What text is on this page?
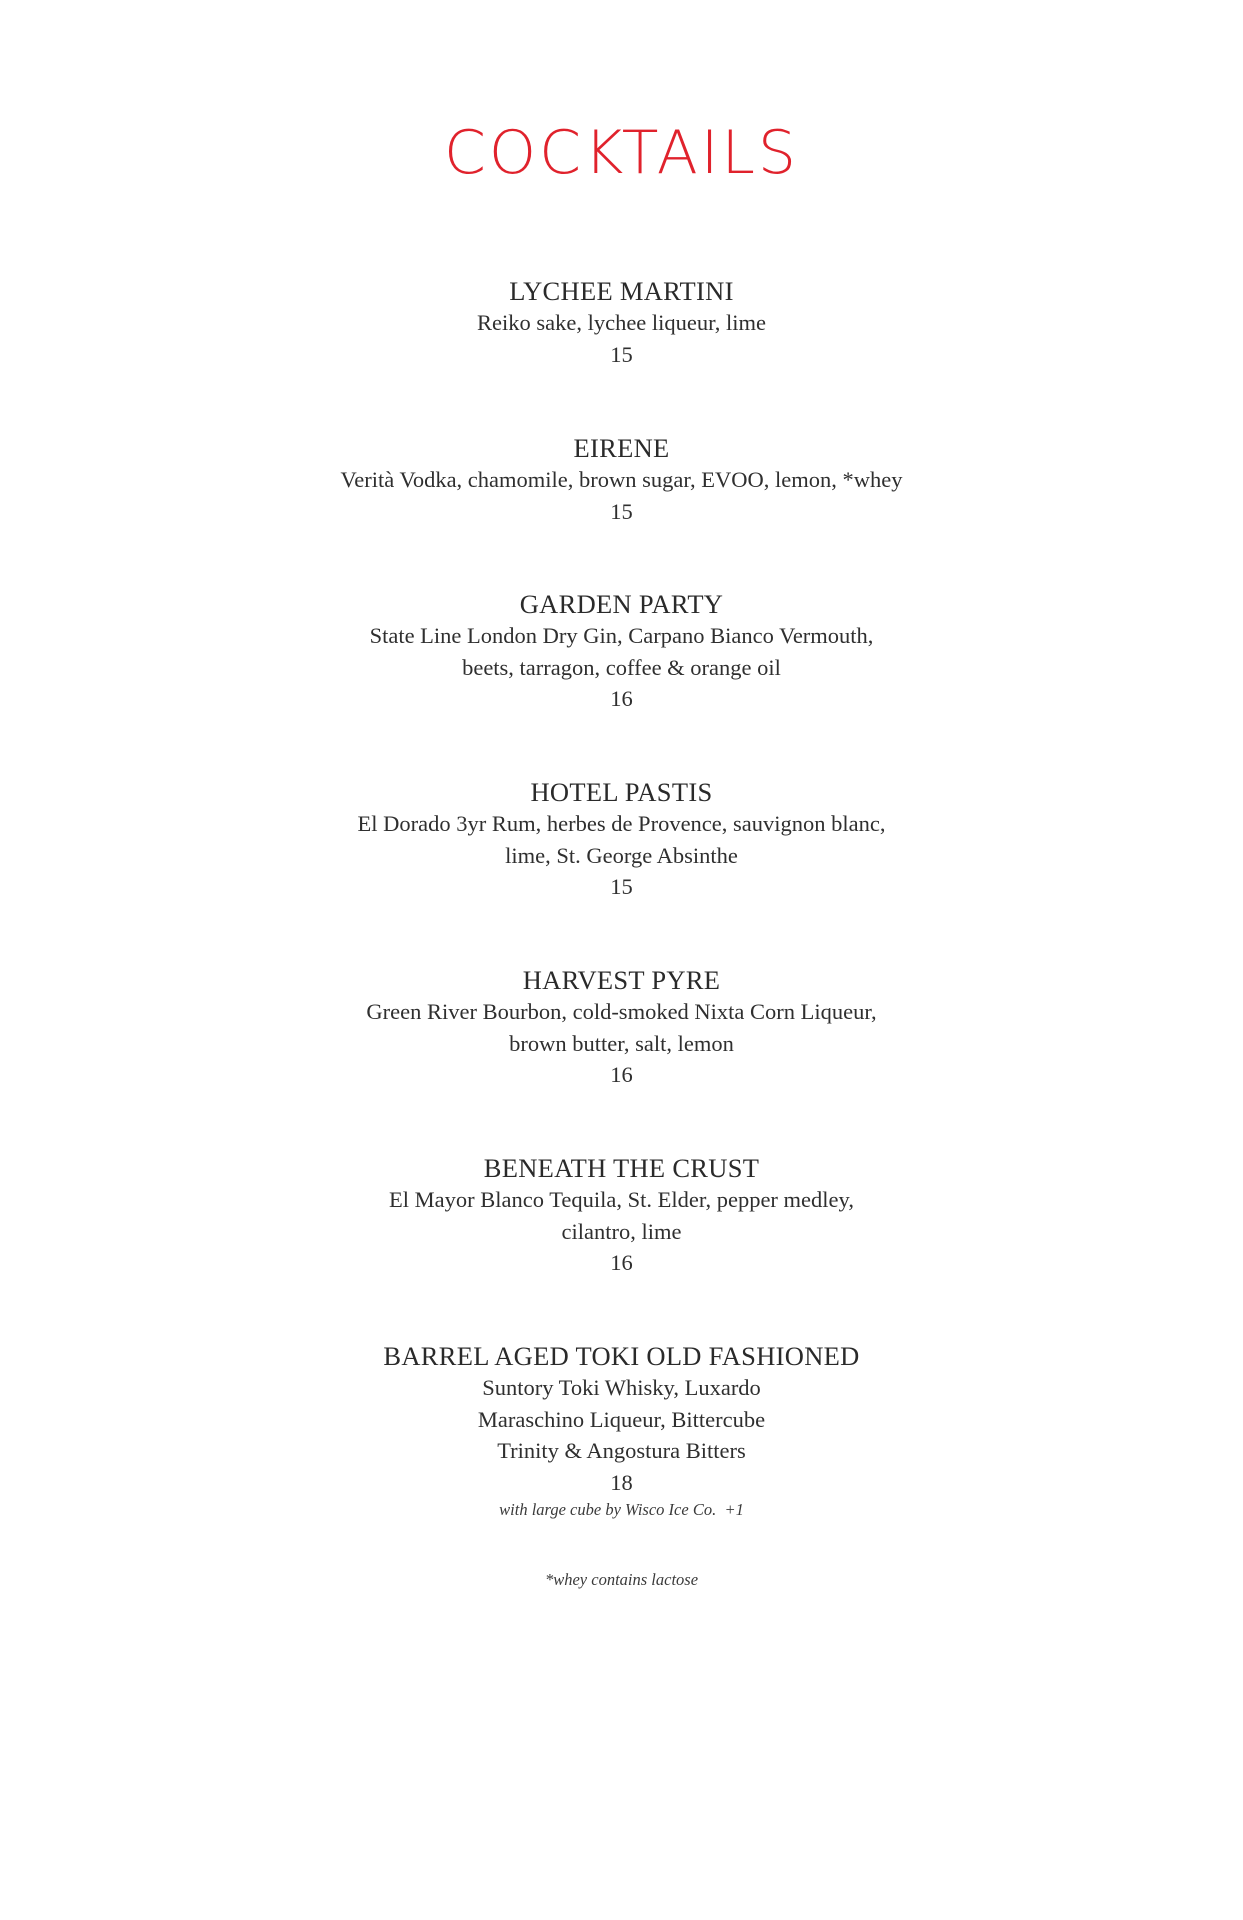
COCKTAILS
LYCHEE MARTINI
Reiko sake, lychee liqueur, lime
15
EIRENE
Verità Vodka, chamomile, brown sugar, EVOO, lemon, *whey
15
GARDEN PARTY
State Line London Dry Gin, Carpano Bianco Vermouth,
beets, tarragon, coffee & orange oil
16
HOTEL PASTIS
El Dorado 3yr Rum, herbes de Provence, sauvignon blanc,
lime, St. George Absinthe
15
HARVEST PYRE
Green River Bourbon, cold-smoked Nixta Corn Liqueur,
brown butter, salt, lemon
16
BENEATH THE CRUST
El Mayor Blanco Tequila, St. Elder, pepper medley,
cilantro, lime
16
BARREL AGED TOKI OLD FASHIONED
Suntory Toki Whisky, Luxardo
Maraschino Liqueur, Bittercube
Trinity & Angostura Bitters
18
with large cube by Wisco Ice Co.  +1
*whey contains lactose
